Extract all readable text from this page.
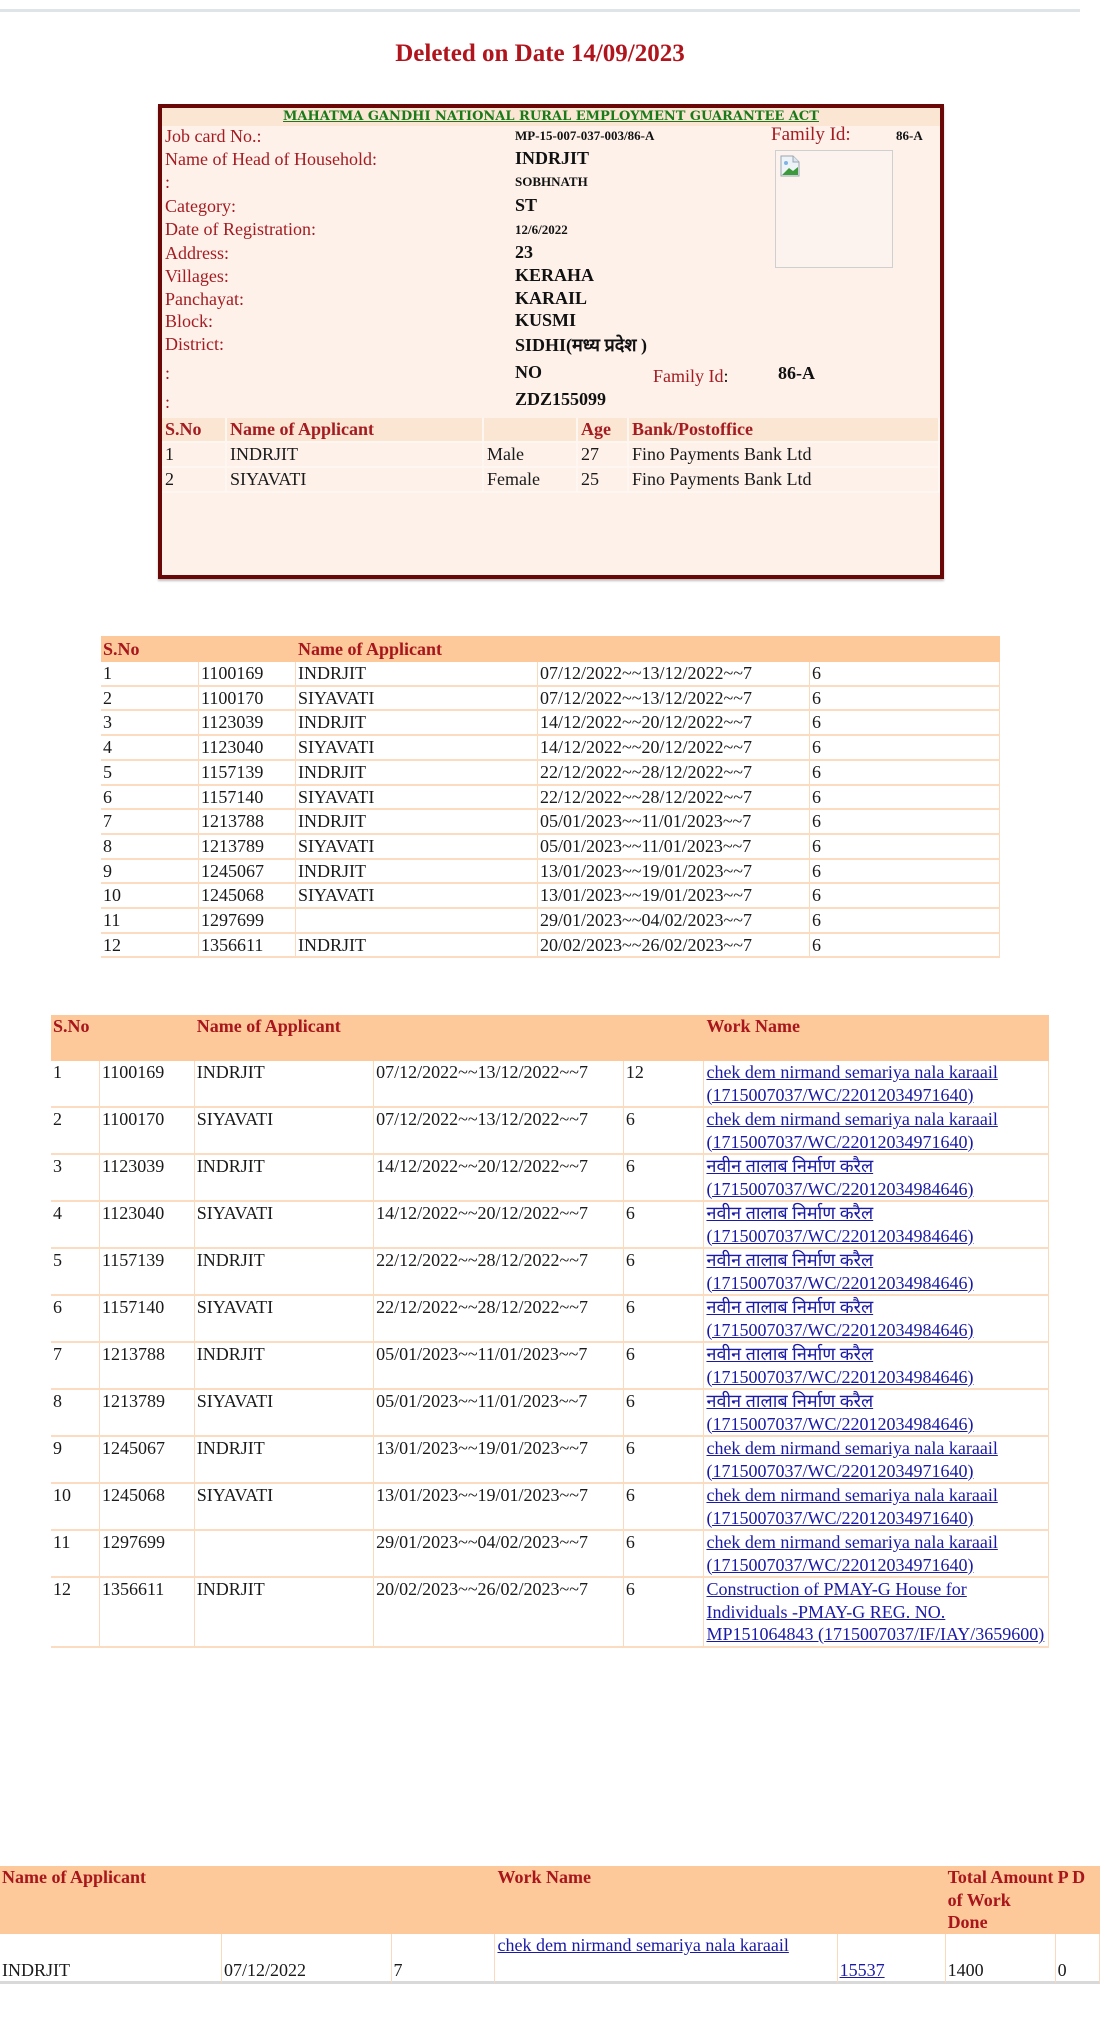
Deleted on Date 14/09/2023
MAHATMA GANDHI NATIONAL RURAL EMPLOYMENT GUARANTEE ACT
Job card No.:	MP-15-007-037-003/86-A
Name of Head of Household:	INDRJIT
:	SOBHNATH
Category:	ST
Date of Registration:	12/6/2022
Address:	23
Villages:	KERAHA
Panchayat:	KARAIL
Block:	KUSMI
District:	SIDHI(मध्य प्रदेश )
:	NO
:	ZDZ155099
Family Id:	86-A
Family Id:	86-A
S.No	Name of Applicant		Age	Bank/Postoffice
1	INDRJIT	Male	27	Fino Payments Bank Ltd
2	SIYAVATI	Female	25	Fino Payments Bank Ltd
S.No		Name of Applicant		
1	1100169	INDRJIT	07/12/2022~~13/12/2022~~7	6
2	1100170	SIYAVATI	07/12/2022~~13/12/2022~~7	6
3	1123039	INDRJIT	14/12/2022~~20/12/2022~~7	6
4	1123040	SIYAVATI	14/12/2022~~20/12/2022~~7	6
5	1157139	INDRJIT	22/12/2022~~28/12/2022~~7	6
6	1157140	SIYAVATI	22/12/2022~~28/12/2022~~7	6
7	1213788	INDRJIT	05/01/2023~~11/01/2023~~7	6
8	1213789	SIYAVATI	05/01/2023~~11/01/2023~~7	6
9	1245067	INDRJIT	13/01/2023~~19/01/2023~~7	6
10	1245068	SIYAVATI	13/01/2023~~19/01/2023~~7	6
11	1297699		29/01/2023~~04/02/2023~~7	6
12	1356611	INDRJIT	20/02/2023~~26/02/2023~~7	6
S.No		Name of Applicant			Work Name
1	1100169	INDRJIT	07/12/2022~~13/12/2022~~7	12	chek dem nirmand semariya nala karaail (1715007037/WC/22012034971640)
2	1100170	SIYAVATI	07/12/2022~~13/12/2022~~7	6	chek dem nirmand semariya nala karaail (1715007037/WC/22012034971640)
3	1123039	INDRJIT	14/12/2022~~20/12/2022~~7	6	नवीन तालाब निर्माण करैल (1715007037/WC/22012034984646)
4	1123040	SIYAVATI	14/12/2022~~20/12/2022~~7	6	नवीन तालाब निर्माण करैल (1715007037/WC/22012034984646)
5	1157139	INDRJIT	22/12/2022~~28/12/2022~~7	6	नवीन तालाब निर्माण करैल (1715007037/WC/22012034984646)
6	1157140	SIYAVATI	22/12/2022~~28/12/2022~~7	6	नवीन तालाब निर्माण करैल (1715007037/WC/22012034984646)
7	1213788	INDRJIT	05/01/2023~~11/01/2023~~7	6	नवीन तालाब निर्माण करैल (1715007037/WC/22012034984646)
8	1213789	SIYAVATI	05/01/2023~~11/01/2023~~7	6	नवीन तालाब निर्माण करैल (1715007037/WC/22012034984646)
9	1245067	INDRJIT	13/01/2023~~19/01/2023~~7	6	chek dem nirmand semariya nala karaail (1715007037/WC/22012034971640)
10	1245068	SIYAVATI	13/01/2023~~19/01/2023~~7	6	chek dem nirmand semariya nala karaail (1715007037/WC/22012034971640)
11	1297699		29/01/2023~~04/02/2023~~7	6	chek dem nirmand semariya nala karaail (1715007037/WC/22012034971640)
12	1356611	INDRJIT	20/02/2023~~26/02/2023~~7	6	Construction of PMAY-G House for Individuals -PMAY-G REG. NO. MP151064843 (1715007037/IF/IAY/3659600)
Name of Applicant			Work Name		Total Amount of Work Done	P D
INDRJIT	07/12/2022	7	chek dem nirmand semariya nala karaail	15537	1400	0
